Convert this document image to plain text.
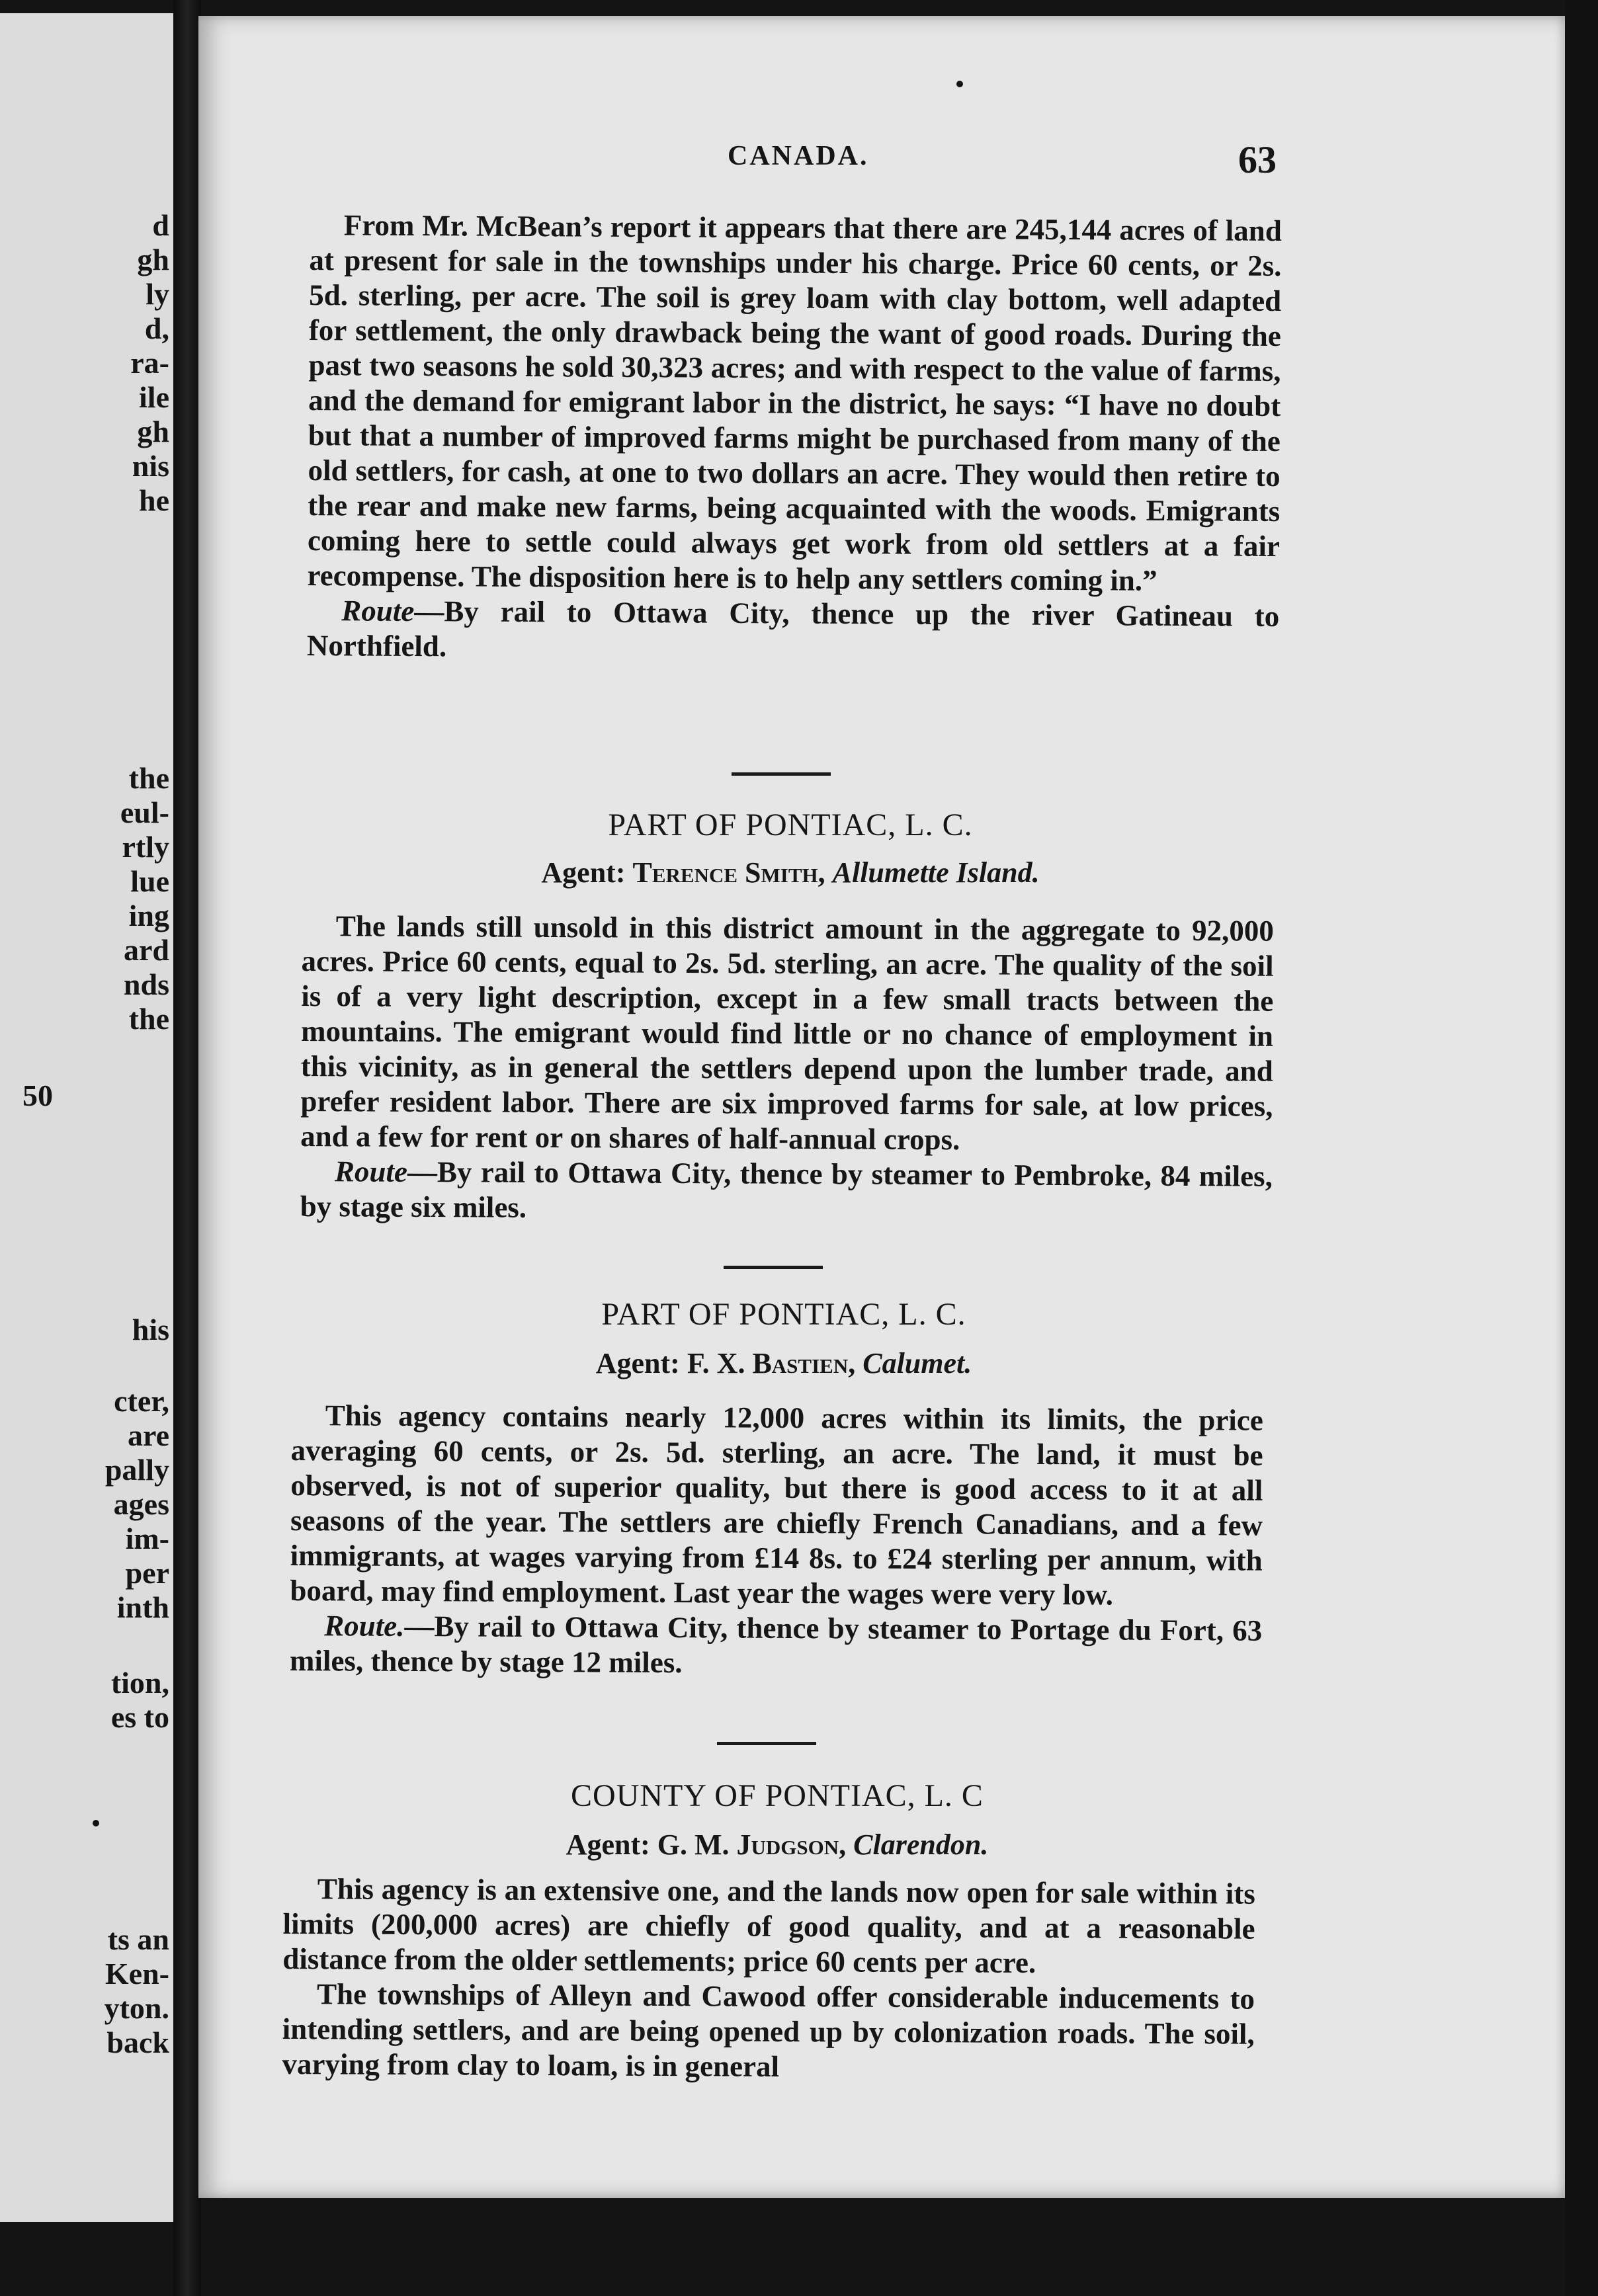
d
gh
ly
d,
ra-
ile
gh
nis
he
the
eul-
rtly
lue
ing
ard
nds
the
50
his
cter,
are
pally
ages
im-
per
inth
tion,
es to
ts an
Ken-
yton.
back
CANADA.	63

From Mr. McBean’s report it appears that there are 245,144 acres of land at present for sale in the townships under his charge. Price 60 cents, or 2s. 5d. sterling, per acre. The soil is grey loam with clay bottom, well adapted for settlement, the only drawback being the want of good roads. During the past two seasons he sold 30,323 acres; and with respect to the value of farms, and the demand for emigrant labor in the district, he says: “I have no doubt but that a number of improved farms might be purchased from many of the old settlers, for cash, at one to two dollars an acre. They would then retire to the rear and make new farms, being acquainted with the woods. Emigrants coming here to settle could always get work from old settlers at a fair recompense. The disposition here is to help any settlers coming in.”

Route—By rail to Ottawa City, thence up the river Gatineau to Northfield.

PART OF PONTIAC, L. C.
Agent: Terence Smith, Allumette Island.

The lands still unsold in this district amount in the aggregate to 92,000 acres. Price 60 cents, equal to 2s. 5d. sterling, an acre. The quality of the soil is of a very light description, except in a few small tracts between the mountains. The emigrant would find little or no chance of employment in this vicinity, as in general the settlers depend upon the lumber trade, and prefer resident labor. There are six improved farms for sale, at low prices, and a few for rent or on shares of half-annual crops.

Route—By rail to Ottawa City, thence by steamer to Pembroke, 84 miles, by stage six miles.

PART OF PONTIAC, L. C.
Agent: F. X. Bastien, Calumet.

This agency contains nearly 12,000 acres within its limits, the price averaging 60 cents, or 2s. 5d. sterling, an acre. The land, it must be observed, is not of superior quality, but there is good access to it at all seasons of the year. The settlers are chiefly French Canadians, and a few immigrants, at wages varying from £14 8s. to £24 sterling per annum, with board, may find employment. Last year the wages were very low.

Route.—By rail to Ottawa City, thence by steamer to Portage du Fort, 63 miles, thence by stage 12 miles.

COUNTY OF PONTIAC, L. C
Agent: G. M. Judgson, Clarendon.

This agency is an extensive one, and the lands now open for sale within its limits (200,000 acres) are chiefly of good quality, and at a reasonable distance from the older settlements; price 60 cents per acre.

The townships of Alleyn and Cawood offer considerable inducements to intending settlers, and are being opened up by colonization roads. The soil, varying from clay to loam, is in general
